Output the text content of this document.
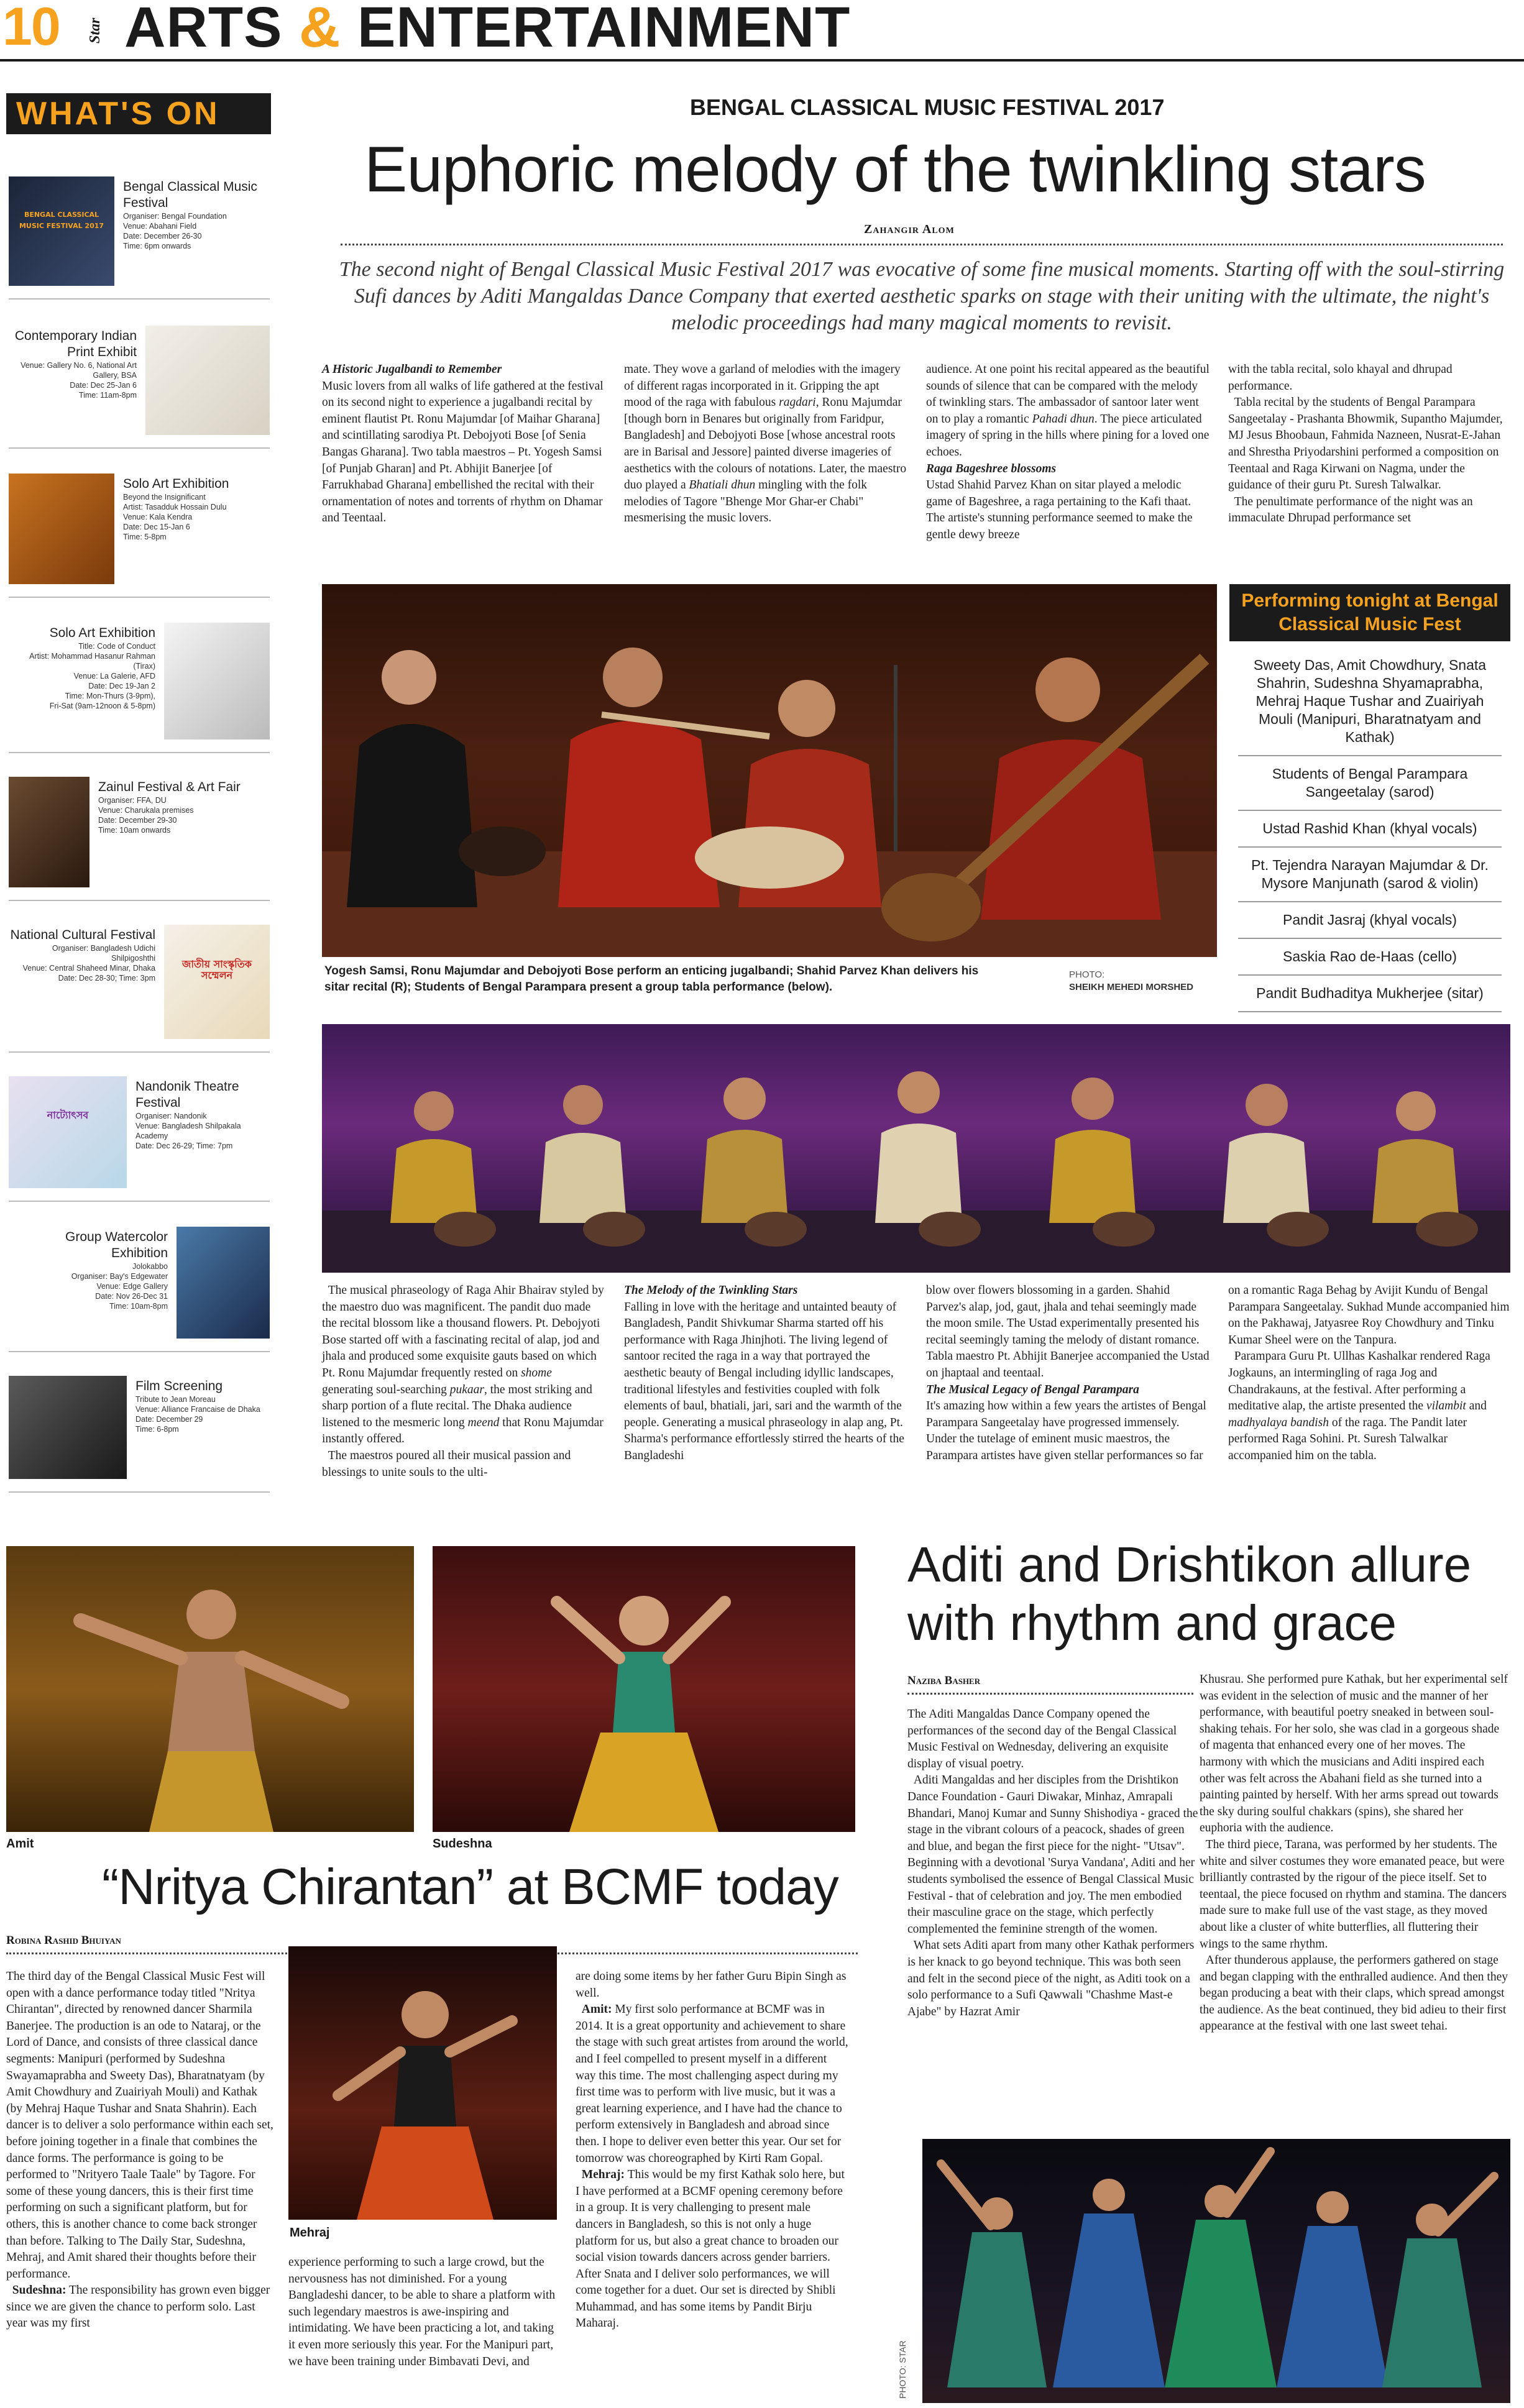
10 Star ARTS & ENTERTAINMENT
WHAT'S ON
BENGAL CLASSICAL MUSIC FESTIVAL 2017
Bengal Classical Music Festival
Organiser: Bengal Foundation
Venue: Abahani Field
Date: December 26-30
Time: 6pm onwards
Contemporary Indian Print Exhibit
Venue: Gallery No. 6, National Art Gallery, BSA
Date: Dec 25-Jan 6
Time: 11am-8pm
Solo Art Exhibition
Beyond the Insignificant
Artist: Tasadduk Hossain Dulu
Venue: Kala Kendra
Date: Dec 15-Jan 6
Time: 5-8pm
Solo Art Exhibition
Title: Code of Conduct
Artist: Mohammad Hasanur Rahman (Tirax)
Venue: La Galerie, AFD
Date: Dec 19-Jan 2
Time: Mon-Thurs (3-9pm),
Fri-Sat (9am-12noon & 5-8pm)
Zainul Festival & Art Fair
Organiser: FFA, DU
Venue: Charukala premises
Date: December 29-30
Time: 10am onwards
জাতীয় সাংস্কৃতিক সম্মেলন
National Cultural Festival
Organiser: Bangladesh Udichi Shilpigoshthi
Venue: Central Shaheed Minar, Dhaka
Date: Dec 28-30; Time: 3pm
নাট্যোৎসব
Nandonik Theatre Festival
Organiser: Nandonik
Venue: Bangladesh Shilpakala Academy
Date: Dec 26-29; Time: 7pm
Group Watercolor Exhibition
Jolokabbo
Organiser: Bay's Edgewater
Venue: Edge Gallery
Date: Nov 26-Dec 31
Time: 10am-8pm
Film Screening
Tribute to Jean Moreau
Venue: Alliance Francaise de Dhaka
Date: December 29
Time: 6-8pm
BENGAL CLASSICAL MUSIC FESTIVAL 2017
Euphoric melody of the twinkling stars
Zahangir Alom
The second night of Bengal Classical Music Festival 2017 was evocative of some fine musical moments. Starting off with the soul-stirring Sufi dances by Aditi Mangaldas Dance Company that exerted aesthetic sparks on stage with their uniting with the ultimate, the night's melodic proceedings had many magical moments to revisit.
A Historic Jugalbandi to Remember
Music lovers from all walks of life gathered at the festival on its second night to experience a jugalbandi recital by eminent flautist Pt. Ronu Majumdar [of Maihar Gharana] and scintillating sarodiya Pt. Debojyoti Bose [of Senia Bangas Gharana]. Two tabla maestros – Pt. Yogesh Samsi [of Punjab Gharan] and Pt. Abhijit Banerjee [of Farrukhabad Gharana] embellished the recital with their ornamentation of notes and torrents of rhythm on Dhamar and Teentaal.
mate. They wove a garland of melodies with the imagery of different ragas incorporated in it. Gripping the apt mood of the raga with fabulous ragdari, Ronu Majumdar [though born in Benares but originally from Faridpur, Bangladesh] and Debojyoti Bose [whose ancestral roots are in Barisal and Jessore] painted diverse imageries of aesthetics with the colours of notations. Later, the maestro duo played a Bhatiali dhun mingling with the folk melodies of Tagore "Bhenge Mor Ghar-er Chabi" mesmerising the music lovers.
audience. At one point his recital appeared as the beautiful sounds of silence that can be compared with the melody of twinkling stars. The ambassador of santoor later went on to play a romantic Pahadi dhun. The piece articulated imagery of spring in the hills where pining for a loved one echoes.
Raga Bageshree blossoms
Ustad Shahid Parvez Khan on sitar played a melodic game of Bageshree, a raga pertaining to the Kafi thaat. The artiste's stunning performance seemed to make the gentle dewy breeze
with the tabla recital, solo khayal and dhrupad performance.
Tabla recital by the students of Bengal Parampara Sangeetalay - Prashanta Bhowmik, Supantho Majumder, MJ Jesus Bhoobaun, Fahmida Nazneen, Nusrat-E-Jahan and Shrestha Priyodarshini performed a composition on Teentaal and Raga Kirwani on Nagma, under the guidance of their guru Pt. Suresh Talwalkar.
The penultimate performance of the night was an immaculate Dhrupad performance set
Performing tonight at Bengal Classical Music Fest
Sweety Das, Amit Chowdhury, Snata Shahrin, Sudeshna Shyamaprabha, Mehraj Haque Tushar and Zuairiyah Mouli (Manipuri, Bharatnatyam and Kathak)
Students of Bengal Parampara Sangeetalay (sarod)
Ustad Rashid Khan (khyal vocals)
Pt. Tejendra Narayan Majumdar & Dr. Mysore Manjunath (sarod & violin)
Pandit Jasraj (khyal vocals)
Saskia Rao de-Haas (cello)
Pandit Budhaditya Mukherjee (sitar)
Yogesh Samsi, Ronu Majumdar and Debojyoti Bose perform an enticing jugalbandi; Shahid Parvez Khan delivers his sitar recital (R); Students of Bengal Parampara present a group tabla performance (below).
PHOTO:
SHEIKH MEHEDI MORSHED
The musical phraseology of Raga Ahir Bhairav styled by the maestro duo was magnificent. The pandit duo made the recital blossom like a thousand flowers. Pt. Debojyoti Bose started off with a fascinating recital of alap, jod and jhala and produced some exquisite gauts based on which Pt. Ronu Majumdar frequently rested on shome generating soul-searching pukaar, the most striking and sharp portion of a flute recital. The Dhaka audience listened to the mesmeric long meend that Ronu Majumdar instantly offered.
The maestros poured all their musical passion and blessings to unite souls to the ulti-
The Melody of the Twinkling Stars
Falling in love with the heritage and untainted beauty of Bangladesh, Pandit Shivkumar Sharma started off his performance with Raga Jhinjhoti. The living legend of santoor recited the raga in a way that portrayed the aesthetic beauty of Bengal including idyllic landscapes, traditional lifestyles and festivities coupled with folk elements of baul, bhatiali, jari, sari and the warmth of the people. Generating a musical phraseology in alap ang, Pt. Sharma's performance effortlessly stirred the hearts of the Bangladeshi
blow over flowers blossoming in a garden. Shahid Parvez's alap, jod, gaut, jhala and tehai seemingly made the moon smile. The Ustad experimentally presented his recital seemingly taming the melody of distant romance. Tabla maestro Pt. Abhijit Banerjee accompanied the Ustad on jhaptaal and teentaal.
The Musical Legacy of Bengal Parampara
It's amazing how within a few years the artistes of Bengal Parampara Sangeetalay have progressed immensely. Under the tutelage of eminent music maestros, the Parampara artistes have given stellar performances so far
on a romantic Raga Behag by Avijit Kundu of Bengal Parampara Sangeetalay. Sukhad Munde accompanied him on the Pakhawaj, Jatyasree Roy Chowdhury and Tinku Kumar Sheel were on the Tanpura.
Parampara Guru Pt. Ullhas Kashalkar rendered Raga Jogkauns, an intermingling of raga Jog and Chandrakauns, at the festival. After performing a meditative alap, the artiste presented the vilambit and madhyalaya bandish of the raga. The Pandit later performed Raga Sohini. Pt. Suresh Talwalkar accompanied him on the tabla.
Amit	Sudeshna
“Nritya Chirantan” at BCMF today
Robina Rashid Bhuiyan
Mehraj
The third day of the Bengal Classical Music Fest will open with a dance performance today titled "Nritya Chirantan", directed by renowned dancer Sharmila Banerjee. The production is an ode to Nataraj, or the Lord of Dance, and consists of three classical dance segments: Manipuri (performed by Sudeshna Swayamaprabha and Sweety Das), Bharatnatyam (by Amit Chowdhury and Zuairiyah Mouli) and Kathak (by Mehraj Haque Tushar and Snata Shahrin). Each dancer is to deliver a solo performance within each set, before joining together in a finale that combines the dance forms. The performance is going to be performed to "Nrityero Taale Taale" by Tagore. For some of these young dancers, this is their first time performing on such a significant platform, but for others, this is another chance to come back stronger than before. Talking to The Daily Star, Sudeshna, Mehraj, and Amit shared their thoughts before their performance.
Sudeshna: The responsibility has grown even bigger since we are given the chance to perform solo. Last year was my first
experience performing to such a large crowd, but the nervousness has not diminished. For a young Bangladeshi dancer, to be able to share a platform with such legendary maestros is awe-inspiring and intimidating. We have been practicing a lot, and taking it even more seriously this year. For the Manipuri part, we have been training under Bimbavati Devi, and
are doing some items by her father Guru Bipin Singh as well.
Amit: My first solo performance at BCMF was in 2014. It is a great opportunity and achievement to share the stage with such great artistes from around the world, and I feel compelled to present myself in a different way this time. The most challenging aspect during my first time was to perform with live music, but it was a great learning experience, and I have had the chance to perform extensively in Bangladesh and abroad since then. I hope to deliver even better this year. Our set for tomorrow was choreographed by Kirti Ram Gopal.
Mehraj: This would be my first Kathak solo here, but I have performed at a BCMF opening ceremony before in a group. It is very challenging to present male dancers in Bangladesh, so this is not only a huge platform for us, but also a great chance to broaden our social vision towards dancers across gender barriers. After Snata and I deliver solo performances, we will come together for a duet. Our set is directed by Shibli Muhammad, and has some items by Pandit Birju Maharaj.
Aditi and Drishtikon allure
with rhythm and grace
Naziba Basher
The Aditi Mangaldas Dance Company opened the performances of the second day of the Bengal Classical Music Festival on Wednesday, delivering an exquisite display of visual poetry.
Aditi Mangaldas and her disciples from the Drishtikon Dance Foundation - Gauri Diwakar, Minhaz, Amrapali Bhandari, Manoj Kumar and Sunny Shishodiya - graced the stage in the vibrant colours of a peacock, shades of green and blue, and began the first piece for the night- "Utsav". Beginning with a devotional 'Surya Vandana', Aditi and her students symbolised the essence of Bengal Classical Music Festival - that of celebration and joy. The men embodied their masculine grace on the stage, which perfectly complemented the feminine strength of the women.
What sets Aditi apart from many other Kathak performers is her knack to go beyond technique. This was both seen and felt in the second piece of the night, as Aditi took on a solo performance to a Sufi Qawwali "Chashme Mast-e Ajabe" by Hazrat Amir
Khusrau. She performed pure Kathak, but her experimental self was evident in the selection of music and the manner of her performance, with beautiful poetry sneaked in between soul-shaking tehais. For her solo, she was clad in a gorgeous shade of magenta that enhanced every one of her moves. The harmony with which the musicians and Aditi inspired each other was felt across the Abahani field as she turned into a painting painted by herself. With her arms spread out towards the sky during soulful chakkars (spins), she shared her euphoria with the audience.
The third piece, Tarana, was performed by her students. The white and silver costumes they wore emanated peace, but were brilliantly contrasted by the rigour of the piece itself. Set to teentaal, the piece focused on rhythm and stamina. The dancers made sure to make full use of the vast stage, as they moved about like a cluster of white butterflies, all fluttering their wings to the same rhythm.
After thunderous applause, the performers gathered on stage and began clapping with the enthralled audience. And then they began producing a beat with their claps, which spread amongst the audience. As the beat continued, they bid adieu to their first appearance at the festival with one last sweet tehai.
PHOTO: STAR
